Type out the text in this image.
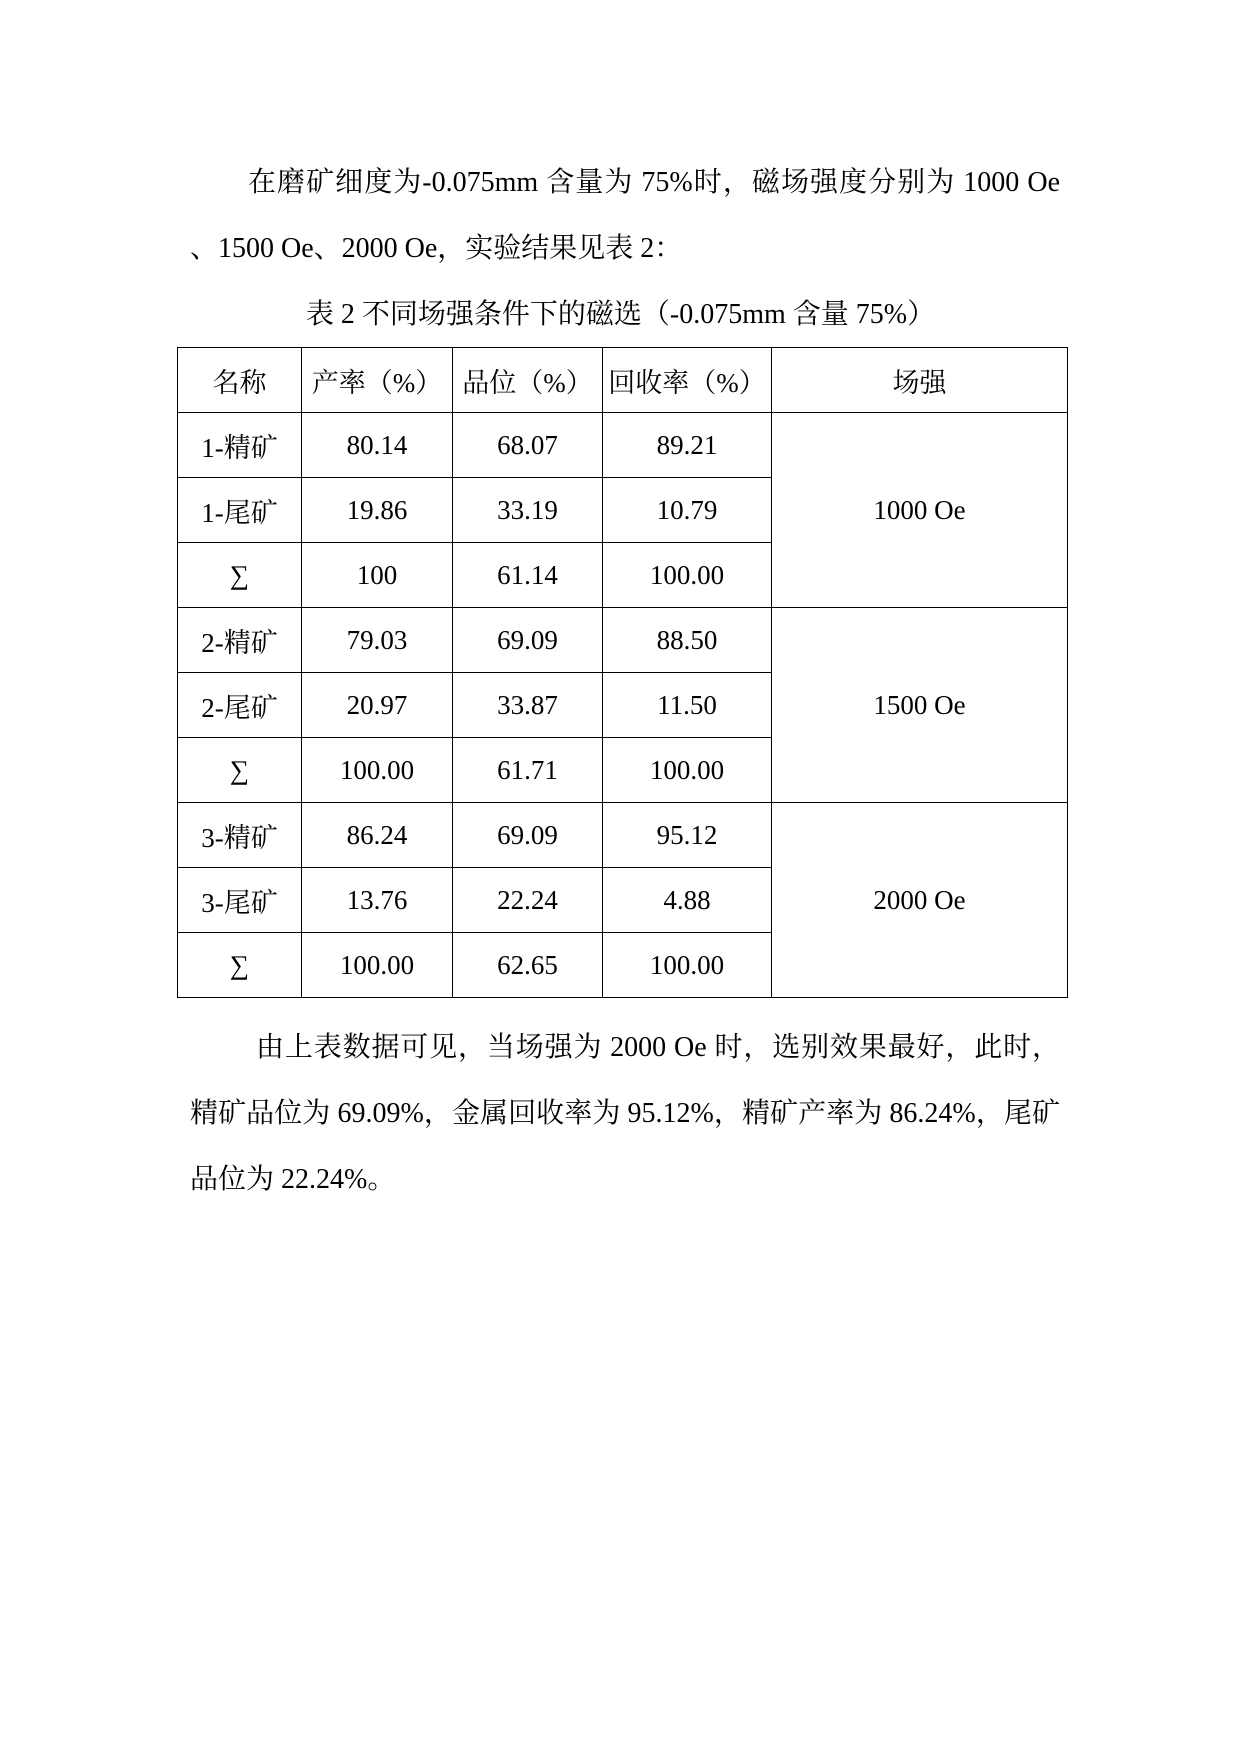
在磨矿细度为-0.075mm 含量为 75%时，磁场强度分别为 1000 Oe 、1500 Oe、2000 Oe，实验结果见表 2：

表 2 不同场强条件下的磁选（-0.075mm 含量 75%）
名称	产率（%）	品位（%）	回收率（%）	场强
1-精矿	80.14	68.07	89.21	1000 Oe
1-尾矿	19.86	33.19	10.79	
∑	100	61.14	100.00	
2-精矿	79.03	69.09	88.50	1500 Oe
2-尾矿	20.97	33.87	11.50	
∑	100.00	61.71	100.00	
3-精矿	86.24	69.09	95.12	2000 Oe
3-尾矿	13.76	22.24	4.88	
∑	100.00	62.65	100.00	

由上表数据可见，当场强为 2000 Oe 时，选别效果最好，此时，精矿品位为 69.09%，金属回收率为 95.12%，精矿产率为 86.24%，尾矿品位为 22.24%。
